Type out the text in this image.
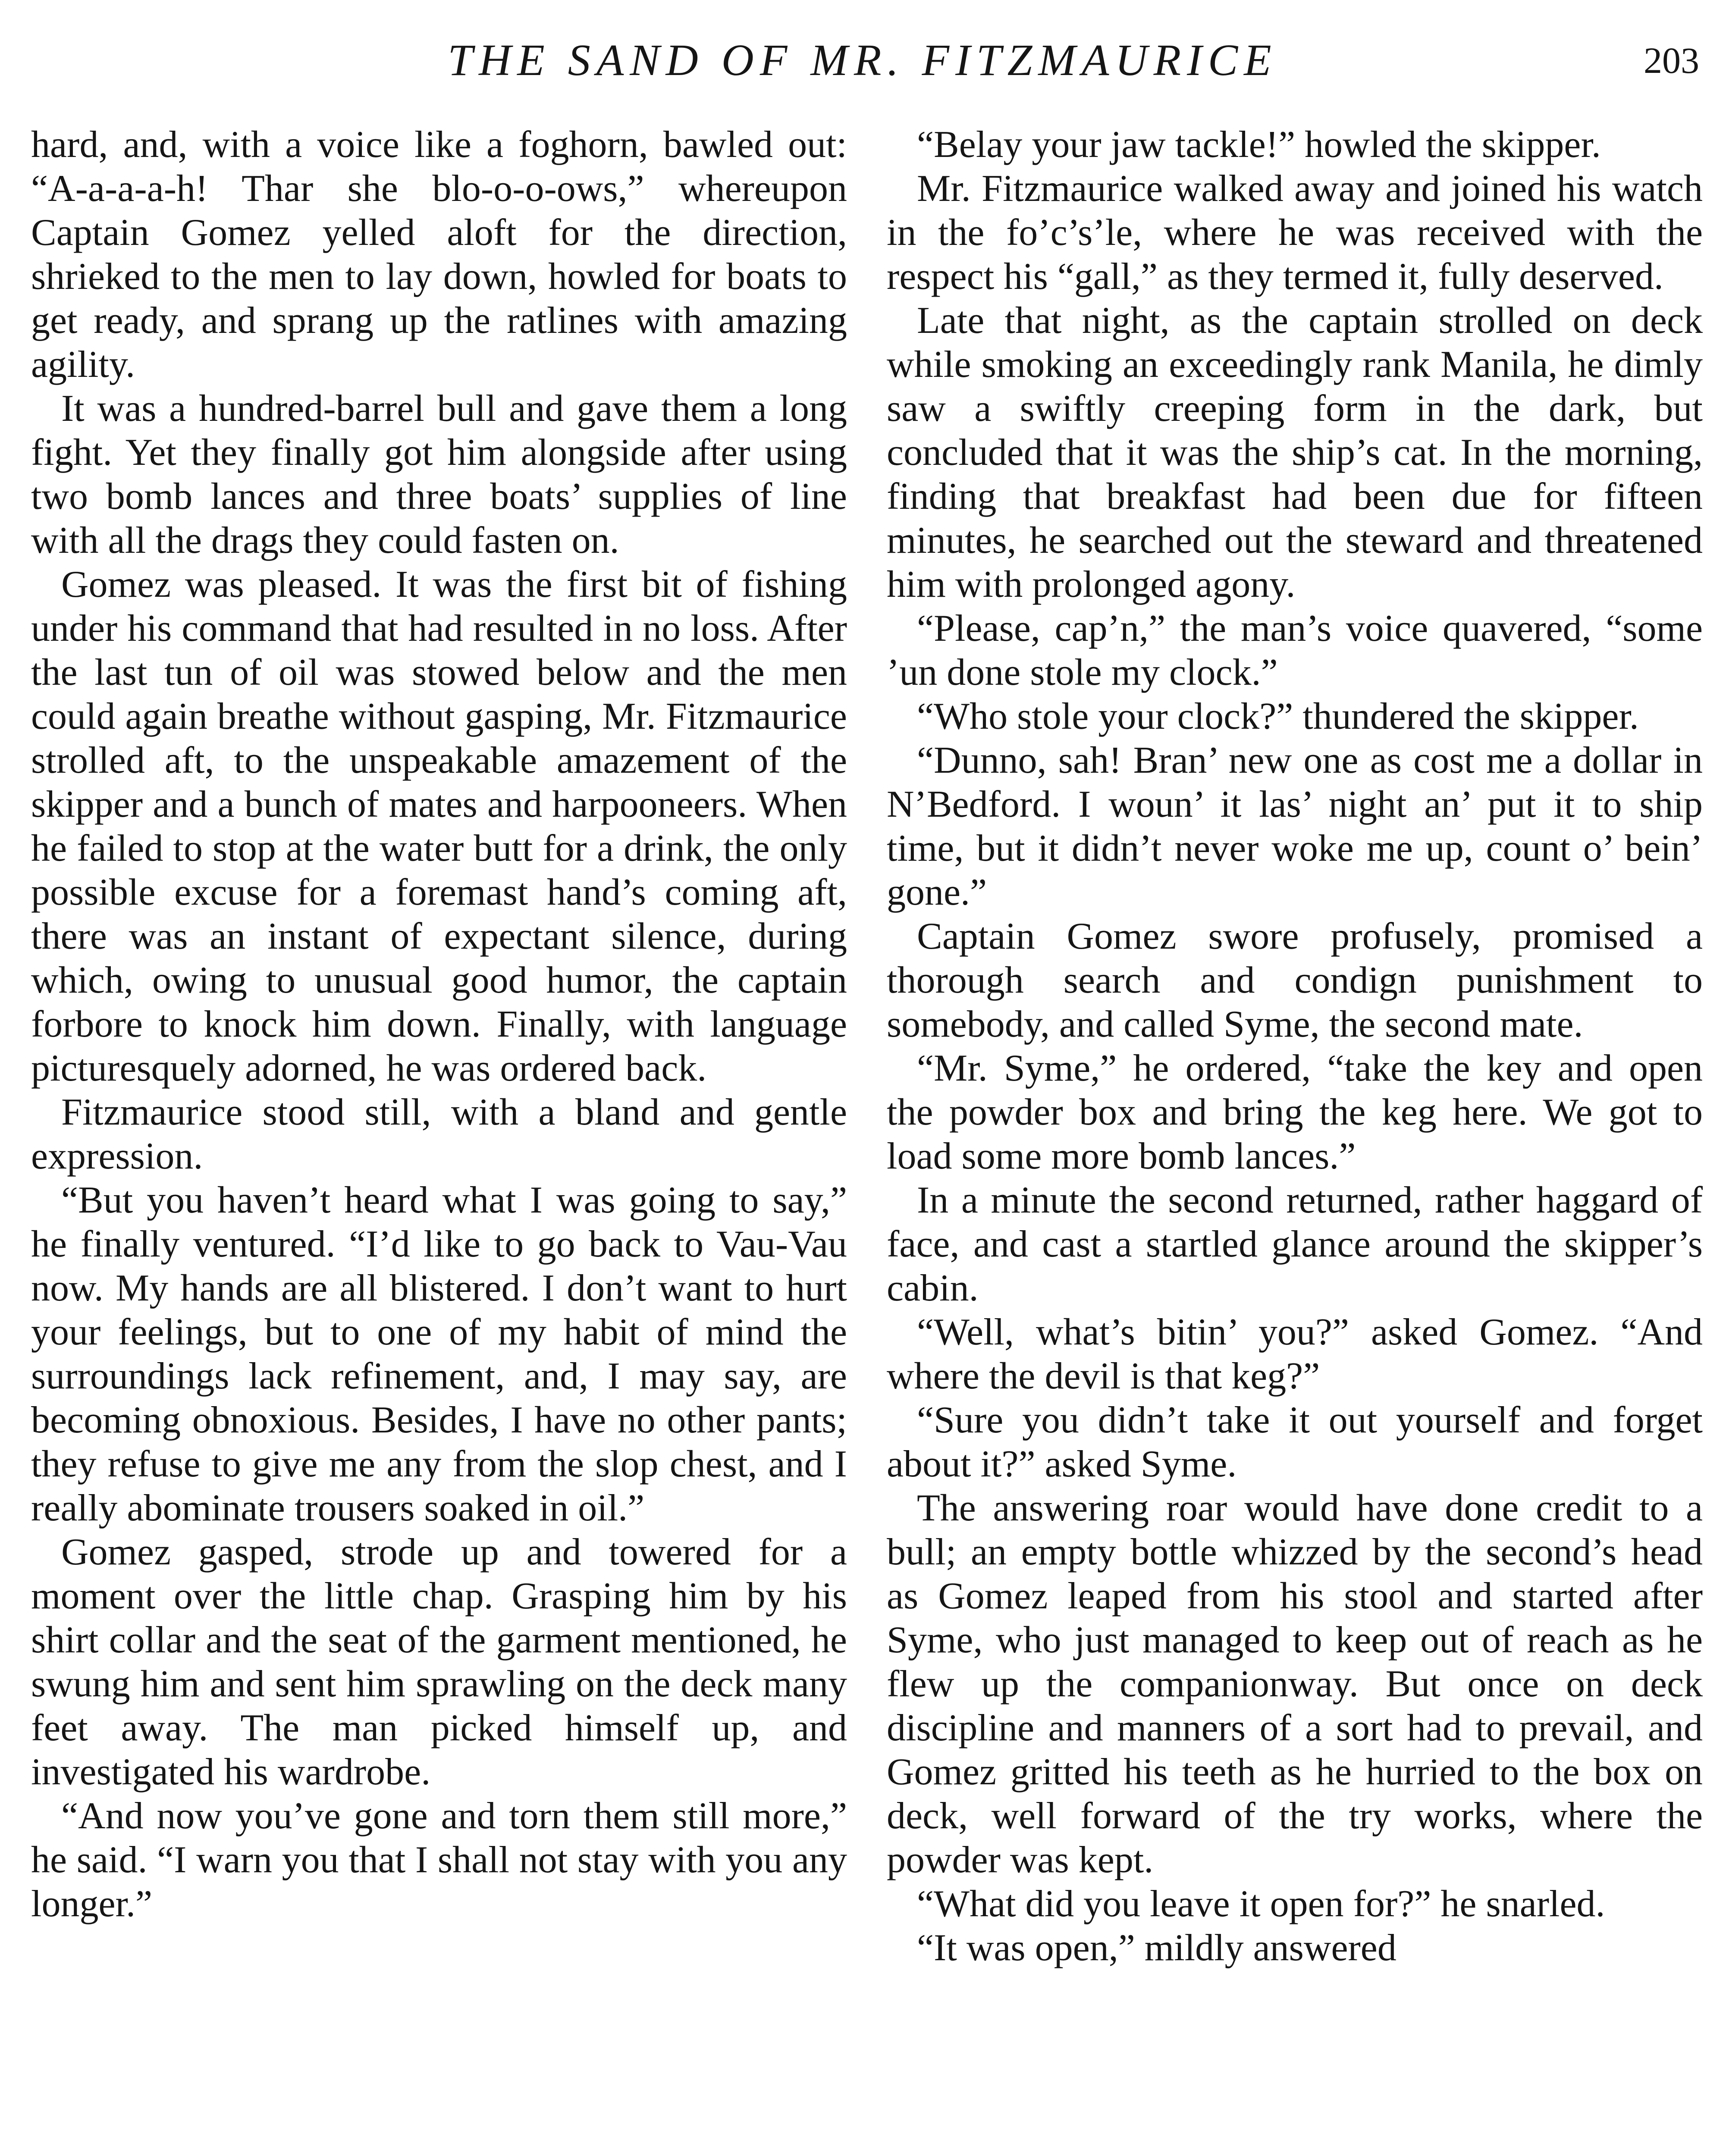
THE SAND OF MR. FITZMAURICE	203

hard, and, with a voice like a foghorn, bawled out: “A-a-a-a-h! Thar she blo-o-o-ows,” whereupon Captain Gomez yelled aloft for the direction, shrieked to the men to lay down, howled for boats to get ready, and sprang up the ratlines with amazing agility.

It was a hundred-barrel bull and gave them a long fight. Yet they finally got him alongside after using two bomb lances and three boats’ supplies of line with all the drags they could fasten on.

Gomez was pleased. It was the first bit of fishing under his command that had resulted in no loss. After the last tun of oil was stowed below and the men could again breathe without gasping, Mr. Fitzmaurice strolled aft, to the unspeakable amazement of the skipper and a bunch of mates and harpooneers. When he failed to stop at the water butt for a drink, the only possible excuse for a foremast hand’s coming aft, there was an instant of expectant silence, during which, owing to unusual good humor, the captain forbore to knock him down. Finally, with language picturesquely adorned, he was ordered back.

Fitzmaurice stood still, with a bland and gentle expression.

“But you haven’t heard what I was going to say,” he finally ventured. “I’d like to go back to Vau-Vau now. My hands are all blistered. I don’t want to hurt your feelings, but to one of my habit of mind the surroundings lack refinement, and, I may say, are becoming obnoxious. Besides, I have no other pants; they refuse to give me any from the slop chest, and I really abominate trousers soaked in oil.”

Gomez gasped, strode up and towered for a moment over the little chap. Grasping him by his shirt collar and the seat of the garment mentioned, he swung him and sent him sprawling on the deck many feet away. The man picked himself up, and investigated his wardrobe.

“And now you’ve gone and torn them still more,” he said. “I warn you that I shall not stay with you any longer.”

“Belay your jaw tackle!” howled the skipper.

Mr. Fitzmaurice walked away and joined his watch in the fo’c’s’le, where he was received with the respect his “gall,” as they termed it, fully deserved.

Late that night, as the captain strolled on deck while smoking an exceedingly rank Manila, he dimly saw a swiftly creeping form in the dark, but concluded that it was the ship’s cat. In the morning, finding that breakfast had been due for fifteen minutes, he searched out the steward and threatened him with prolonged agony.

“Please, cap’n,” the man’s voice quavered, “some ’un done stole my clock.”

“Who stole your clock?” thundered the skipper.

“Dunno, sah! Bran’ new one as cost me a dollar in N’Bedford. I woun’ it las’ night an’ put it to ship time, but it didn’t never woke me up, count o’ bein’ gone.”

Captain Gomez swore profusely, promised a thorough search and condign punishment to somebody, and called Syme, the second mate.

“Mr. Syme,” he ordered, “take the key and open the powder box and bring the keg here. We got to load some more bomb lances.”

In a minute the second returned, rather haggard of face, and cast a startled glance around the skipper’s cabin.

“Well, what’s bitin’ you?” asked Gomez. “And where the devil is that keg?”

“Sure you didn’t take it out yourself and forget about it?” asked Syme.

The answering roar would have done credit to a bull; an empty bottle whizzed by the second’s head as Gomez leaped from his stool and started after Syme, who just managed to keep out of reach as he flew up the companionway. But once on deck discipline and manners of a sort had to prevail, and Gomez gritted his teeth as he hurried to the box on deck, well forward of the try works, where the powder was kept.

“What did you leave it open for?” he snarled.

“It was open,” mildly answered
